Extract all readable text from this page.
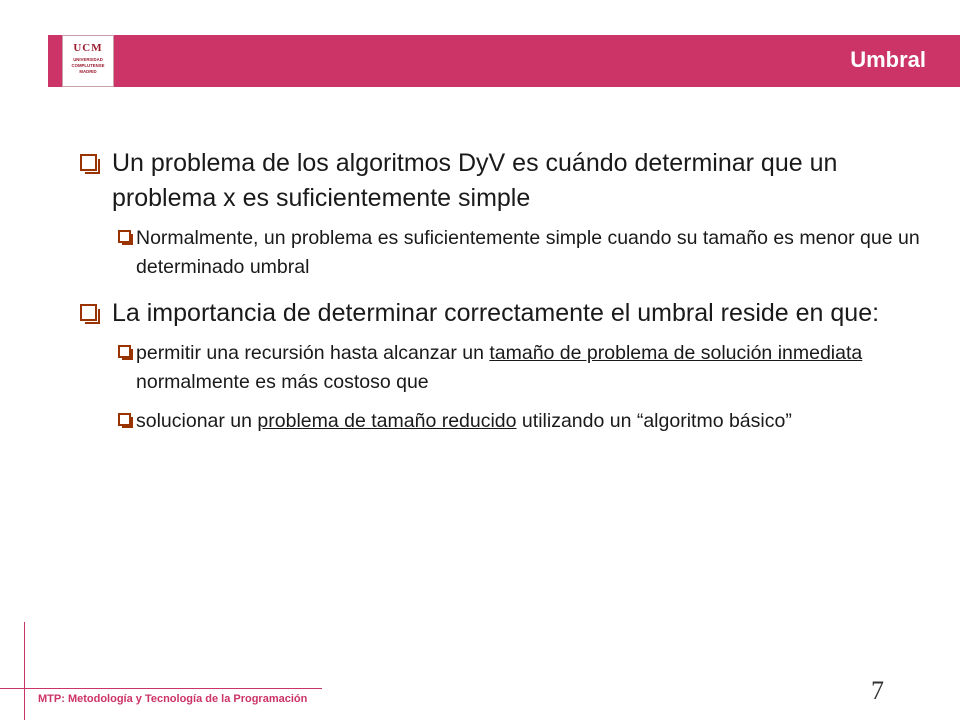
UCM
UNIVERSIDAD
COMPLUTENSE
MADRID	Umbral
Un problema de los algoritmos DyV es cuándo determinar que un problema x es suficientemente simple
Normalmente, un problema es suficientemente simple cuando su tamaño es menor que un determinado umbral
La importancia de determinar correctamente el umbral reside en que:
permitir una recursión hasta alcanzar un tamaño de problema de solución inmediata normalmente es más costoso que
solucionar un problema de tamaño reducido utilizando un “algoritmo básico”
MTP: Metodología y Tecnología de la Programación	7
